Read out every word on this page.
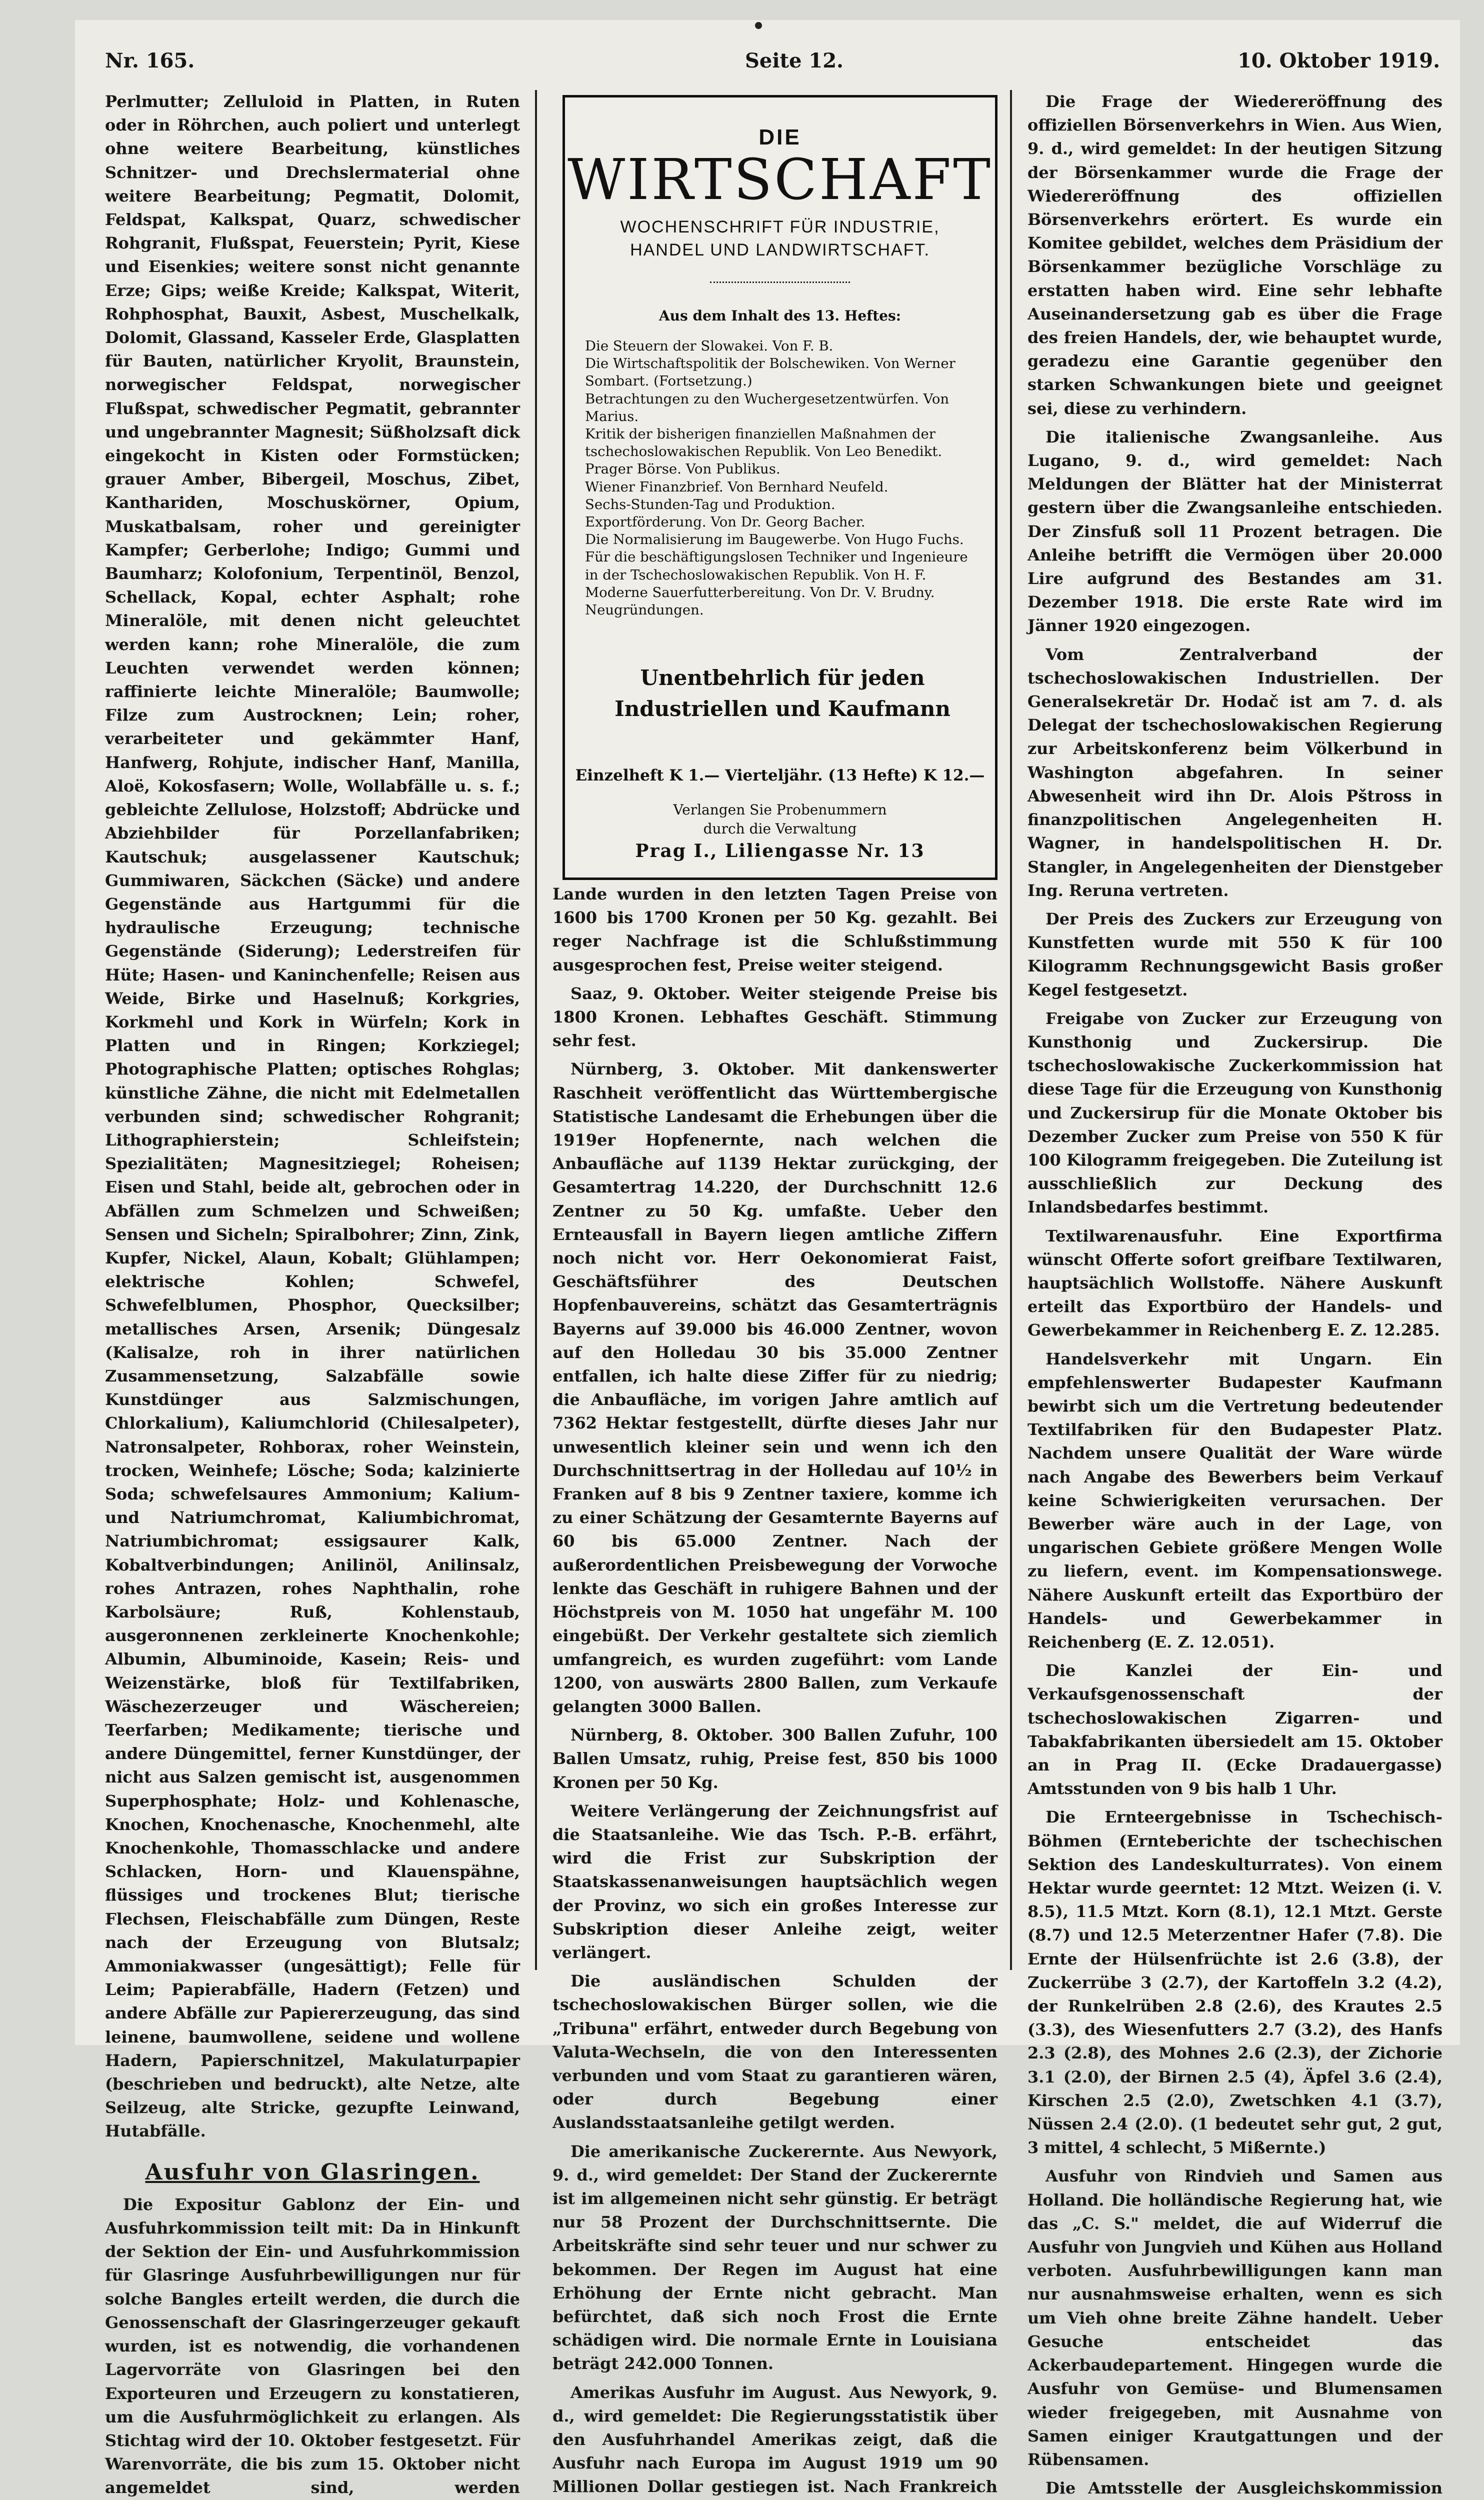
Nr. 165.	Seite 12.	10. Oktober 1919.

Perlmutter; Zelluloid in Platten, in Ruten oder in Röhrchen, auch poliert und unterlegt ohne weitere Bearbeitung, künstliches Schnitzer- und Drechslermaterial ohne weitere Bearbeitung; Pegmatit, Dolomit, Feldspat, Kalkspat, Quarz, schwedischer Rohgranit, Flußspat, Feuerstein; Pyrit, Kiese und Eisenkies; weitere sonst nicht genannte Erze; Gips; weiße Kreide; Kalkspat, Witerit, Rohphosphat, Bauxit, Asbest, Muschelkalk, Dolomit, Glassand, Kasseler Erde, Glasplatten für Bauten, natürlicher Kryolit, Braunstein, norwegischer Feldspat, norwegischer Flußspat, schwedischer Pegmatit, gebrannter und ungebrannter Magnesit; Süßholzsaft dick eingekocht in Kisten oder Formstücken; grauer Amber, Bibergeil, Moschus, Zibet, Kanthariden, Moschuskörner, Opium, Muskatbalsam, roher und gereinigter Kampfer; Gerberlohe; Indigo; Gummi und Baumharz; Kolofonium, Terpentinöl, Benzol, Schellack, Kopal, echter Asphalt; rohe Mineralöle, mit denen nicht geleuchtet werden kann; rohe Mineralöle, die zum Leuchten verwendet werden können; raffinierte leichte Mineralöle; Baumwolle; Filze zum Austrocknen; Lein; roher, verarbeiteter und gekämmter Hanf, Hanfwerg, Rohjute, indischer Hanf, Manilla, Aloë, Kokosfasern; Wolle, Wollabfälle u. s. f.; gebleichte Zellulose, Holzstoff; Abdrücke und Abziehbilder für Porzellanfabriken; Kautschuk; ausgelassener Kautschuk; Gummiwaren, Säckchen (Säcke) und andere Gegenstände aus Hartgummi für die hydraulische Erzeugung; technische Gegenstände (Siderung); Lederstreifen für Hüte; Hasen- und Kaninchenfelle; Reisen aus Weide, Birke und Haselnuß; Korkgries, Korkmehl und Kork in Würfeln; Kork in Platten und in Ringen; Korkziegel; Photographische Platten; optisches Rohglas; künstliche Zähne, die nicht mit Edelmetallen verbunden sind; schwedischer Rohgranit; Lithographierstein; Schleifstein; Spezialitäten; Magnesitziegel; Roheisen; Eisen und Stahl, beide alt, gebrochen oder in Abfällen zum Schmelzen und Schweißen; Sensen und Sicheln; Spiralbohrer; Zinn, Zink, Kupfer, Nickel, Alaun, Kobalt; Glühlampen; elektrische Kohlen; Schwefel, Schwefelblumen, Phosphor, Quecksilber; metallisches Arsen, Arsenik; Düngesalz (Kalisalze, roh in ihrer natürlichen Zusammensetzung, Salzabfälle sowie Kunstdünger aus Salzmischungen, Chlorkalium), Kaliumchlorid (Chilesalpeter), Natronsalpeter, Rohborax, roher Weinstein, trocken, Weinhefe; Lösche; Soda; kalzinierte Soda; schwefelsaures Ammonium; Kalium- und Natriumchromat, Kaliumbichromat, Natriumbichromat; essigsaurer Kalk, Kobaltverbindungen; Anilinöl, Anilinsalz, rohes Antrazen, rohes Naphthalin, rohe Karbolsäure; Ruß, Kohlenstaub, ausgeronnenen zerkleinerte Knochenkohle; Albumin, Albuminoide, Kasein; Reis- und Weizenstärke, bloß für Textilfabriken, Wäschezerzeuger und Wäschereien; Teerfarben; Medikamente; tierische und andere Düngemittel, ferner Kunstdünger, der nicht aus Salzen gemischt ist, ausgenommen Superphosphate; Holz- und Kohlenasche, Knochen, Knochenasche, Knochenmehl, alte Knochenkohle, Thomasschlacke und andere Schlacken, Horn- und Klauenspähne, flüssiges und trockenes Blut; tierische Flechsen, Fleischabfälle zum Düngen, Reste nach der Erzeugung von Blutsalz; Ammoniakwasser (ungesättigt); Felle für Leim; Papierabfälle, Hadern (Fetzen) und andere Abfälle zur Papiererzeugung, das sind leinene, baumwollene, seidene und wollene Hadern, Papierschnitzel, Makulaturpapier (beschrieben und bedruckt), alte Netze, alte Seilzeug, alte Stricke, gezupfte Leinwand, Hutabfälle.

Ausfuhr von Glasringen.

Die Expositur Gablonz der Ein- und Ausfuhrkommission teilt mit: Da in Hinkunft der Sektion der Ein- und Ausfuhrkommission für Glasringe Ausfuhrbewilligungen nur für solche Bangles erteilt werden, die durch die Genossenschaft der Glasringerzeuger gekauft wurden, ist es notwendig, die vorhandenen Lagervorräte von Glasringen bei den Exporteuren und Erzeugern zu konstatieren, um die Ausfuhrmöglichkeit zu erlangen. Als Stichtag wird der 10. Oktober festgesetzt. Für Warenvorräte, die bis zum 15. Oktober nicht angemeldet sind, werden

DIE
WIRTSCHAFT
WOCHENSCHRIFT FÜR INDUSTRIE,
HANDEL UND LANDWIRTSCHAFT.
Aus dem Inhalt des 13. Heftes:
Die Steuern der Slowakei. Von F. B.
Die Wirtschaftspolitik der Bolschewiken. Von Werner Sombart. (Fortsetzung.)
Betrachtungen zu den Wuchergesetzentwürfen. Von Marius.
Kritik der bisherigen finanziellen Maßnahmen der tschechoslowakischen Republik. Von Leo Benedikt.
Prager Börse. Von Publikus.
Wiener Finanzbrief. Von Bernhard Neufeld.
Sechs-Stunden-Tag und Produktion.
Exportförderung. Von Dr. Georg Bacher.
Die Normalisierung im Baugewerbe. Von Hugo Fuchs.
Für die beschäftigungslosen Techniker und Ingenieure in der Tschechoslowakischen Republik. Von H. F.
Moderne Sauerfutterbereitung. Von Dr. V. Brudny.
Neugründungen.
Unentbehrlich für jeden Industriellen und Kaufmann
Einzelheft K 1.— Vierteljähr. (13 Hefte) K 12.—
Verlangen Sie Probenummern
durch die Verwaltung
Prag I., Liliengasse Nr. 13

Lande wurden in den letzten Tagen Preise von 1600 bis 1700 Kronen per 50 Kg. gezahlt. Bei reger Nachfrage ist die Schlußstimmung ausgesprochen fest, Preise weiter steigend.

Saaz, 9. Oktober. Weiter steigende Preise bis 1800 Kronen. Lebhaftes Geschäft. Stimmung sehr fest.

Nürnberg, 3. Oktober. Mit dankenswerter Raschheit veröffentlicht das Württembergische Statistische Landesamt die Erhebungen über die 1919er Hopfenernte, nach welchen die Anbaufläche auf 1139 Hektar zurückging, der Gesamtertrag 14.220, der Durchschnitt 12.6 Zentner zu 50 Kg. umfaßte. Ueber den Ernteausfall in Bayern liegen amtliche Ziffern noch nicht vor. Herr Oekonomierat Faist, Geschäftsführer des Deutschen Hopfenbauvereins, schätzt das Gesamterträgnis Bayerns auf 39.000 bis 46.000 Zentner, wovon auf den Holledau 30 bis 35.000 Zentner entfallen, ich halte diese Ziffer für zu niedrig; die Anbaufläche, im vorigen Jahre amtlich auf 7362 Hektar festgestellt, dürfte dieses Jahr nur unwesentlich kleiner sein und wenn ich den Durchschnittsertrag in der Holledau auf 10½ in Franken auf 8 bis 9 Zentner taxiere, komme ich zu einer Schätzung der Gesamternte Bayerns auf 60 bis 65.000 Zentner. Nach der außerordentlichen Preisbewegung der Vorwoche lenkte das Geschäft in ruhigere Bahnen und der Höchstpreis von M. 1050 hat ungefähr M. 100 eingebüßt. Der Verkehr gestaltete sich ziemlich umfangreich, es wurden zugeführt: vom Lande 1200, von auswärts 2800 Ballen, zum Verkaufe gelangten 3000 Ballen.

Nürnberg, 8. Oktober. 300 Ballen Zufuhr, 100 Ballen Umsatz, ruhig, Preise fest, 850 bis 1000 Kronen per 50 Kg.

Weitere Verlängerung der Zeichnungsfrist auf die Staatsanleihe. Wie das Tsch. P.-B. erfährt, wird die Frist zur Subskription der Staatskassenanweisungen hauptsächlich wegen der Provinz, wo sich ein großes Interesse zur Subskription dieser Anleihe zeigt, weiter verlängert.

Die ausländischen Schulden der tschechoslowakischen Bürger sollen, wie die „Tribuna" erfährt, entweder durch Begebung von Valuta-Wechseln, die von den Interessenten verbunden und vom Staat zu garantieren wären, oder durch Begebung einer Auslandsstaatsanleihe getilgt werden.

Die amerikanische Zuckerernte. Aus Newyork, 9. d., wird gemeldet: Der Stand der Zuckerernte ist im allgemeinen nicht sehr günstig. Er beträgt nur 58 Prozent der Durchschnittsernte. Die Arbeitskräfte sind sehr teuer und nur schwer zu bekommen. Der Regen im August hat eine Erhöhung der Ernte nicht gebracht. Man befürchtet, daß sich noch Frost die Ernte schädigen wird. Die normale Ernte in Louisiana beträgt 242.000 Tonnen.

Amerikas Ausfuhr im August. Aus Newyork, 9. d., wird gemeldet: Die Regierungsstatistik über den Ausfuhrhandel Amerikas zeigt, daß die Ausfuhr nach Europa im August 1919 um 90 Millionen Dollar gestiegen ist. Nach Frankreich

Die Frage der Wiedereröffnung des offiziellen Börsenverkehrs in Wien. Aus Wien, 9. d., wird gemeldet: In der heutigen Sitzung der Börsenkammer wurde die Frage der Wiedereröffnung des offiziellen Börsenverkehrs erörtert. Es wurde ein Komitee gebildet, welches dem Präsidium der Börsenkammer bezügliche Vorschläge zu erstatten haben wird. Eine sehr lebhafte Auseinandersetzung gab es über die Frage des freien Handels, der, wie behauptet wurde, geradezu eine Garantie gegenüber den starken Schwankungen biete und geeignet sei, diese zu verhindern.

Die italienische Zwangsanleihe. Aus Lugano, 9. d., wird gemeldet: Nach Meldungen der Blätter hat der Ministerrat gestern über die Zwangsanleihe entschieden. Der Zinsfuß soll 11 Prozent betragen. Die Anleihe betrifft die Vermögen über 20.000 Lire aufgrund des Bestandes am 31. Dezember 1918. Die erste Rate wird im Jänner 1920 eingezogen.

Vom Zentralverband der tschechoslowakischen Industriellen. Der Generalsekretär Dr. Hodač ist am 7. d. als Delegat der tschechoslowakischen Regierung zur Arbeitskonferenz beim Völkerbund in Washington abgefahren. In seiner Abwesenheit wird ihn Dr. Alois Pštross in finanzpolitischen Angelegenheiten H. Wagner, in handelspolitischen H. Dr. Stangler, in Angelegenheiten der Dienstgeber Ing. Reruna vertreten.

Der Preis des Zuckers zur Erzeugung von Kunstfetten wurde mit 550 K für 100 Kilogramm Rechnungsgewicht Basis großer Kegel festgesetzt.

Freigabe von Zucker zur Erzeugung von Kunsthonig und Zuckersirup. Die tschechoslowakische Zuckerkommission hat diese Tage für die Erzeugung von Kunsthonig und Zuckersirup für die Monate Oktober bis Dezember Zucker zum Preise von 550 K für 100 Kilogramm freigegeben. Die Zuteilung ist ausschließlich zur Deckung des Inlandsbedarfes bestimmt.

Textilwarenausfuhr. Eine Exportfirma wünscht Offerte sofort greifbare Textilwaren, hauptsächlich Wollstoffe. Nähere Auskunft erteilt das Exportbüro der Handels- und Gewerbekammer in Reichenberg E. Z. 12.285.

Handelsverkehr mit Ungarn. Ein empfehlenswerter Budapester Kaufmann bewirbt sich um die Vertretung bedeutender Textilfabriken für den Budapester Platz. Nachdem unsere Qualität der Ware würde nach Angabe des Bewerbers beim Verkauf keine Schwierigkeiten verursachen. Der Bewerber wäre auch in der Lage, von ungarischen Gebiete größere Mengen Wolle zu liefern, event. im Kompensationswege. Nähere Auskunft erteilt das Exportbüro der Handels- und Gewerbekammer in Reichenberg (E. Z. 12.051).

Die Kanzlei der Ein- und Verkaufsgenossenschaft der tschechoslowakischen Zigarren- und Tabakfabrikanten übersiedelt am 15. Oktober an in Prag II. (Ecke Dradauergasse) Amtsstunden von 9 bis halb 1 Uhr.

Die Ernteergebnisse in Tschechisch-Böhmen (Ernteberichte der tschechischen Sektion des Landeskulturrates). Von einem Hektar wurde geerntet: 12 Mtzt. Weizen (i. V. 8.5), 11.5 Mtzt. Korn (8.1), 12.1 Mtzt. Gerste (8.7) und 12.5 Meterzentner Hafer (7.8). Die Ernte der Hülsenfrüchte ist 2.6 (3.8), der Zuckerrübe 3 (2.7), der Kartoffeln 3.2 (4.2), der Runkelrüben 2.8 (2.6), des Krautes 2.5 (3.3), des Wiesenfutters 2.7 (3.2), des Hanfs 2.3 (2.8), des Mohnes 2.6 (2.3), der Zichorie 3.1 (2.0), der Birnen 2.5 (4), Äpfel 3.6 (2.4), Kirschen 2.5 (2.0), Zwetschken 4.1 (3.7), Nüssen 2.4 (2.0). (1 bedeutet sehr gut, 2 gut, 3 mittel, 4 schlecht, 5 Mißernte.)

Ausfuhr von Rindvieh und Samen aus Holland. Die holländische Regierung hat, wie das „C. S." meldet, die auf Widerruf die Ausfuhr von Jungvieh und Kühen aus Holland verboten. Ausfuhrbewilligungen kann man nur ausnahmsweise erhalten, wenn es sich um Vieh ohne breite Zähne handelt. Ueber Gesuche entscheidet das Ackerbaudepartement. Hingegen wurde die Ausfuhr von Gemüse- und Blumensamen wieder freigegeben, mit Ausnahme von Samen einiger Krautgattungen und der Rübensamen.

Die Amtsstelle der Ausgleichskommission
